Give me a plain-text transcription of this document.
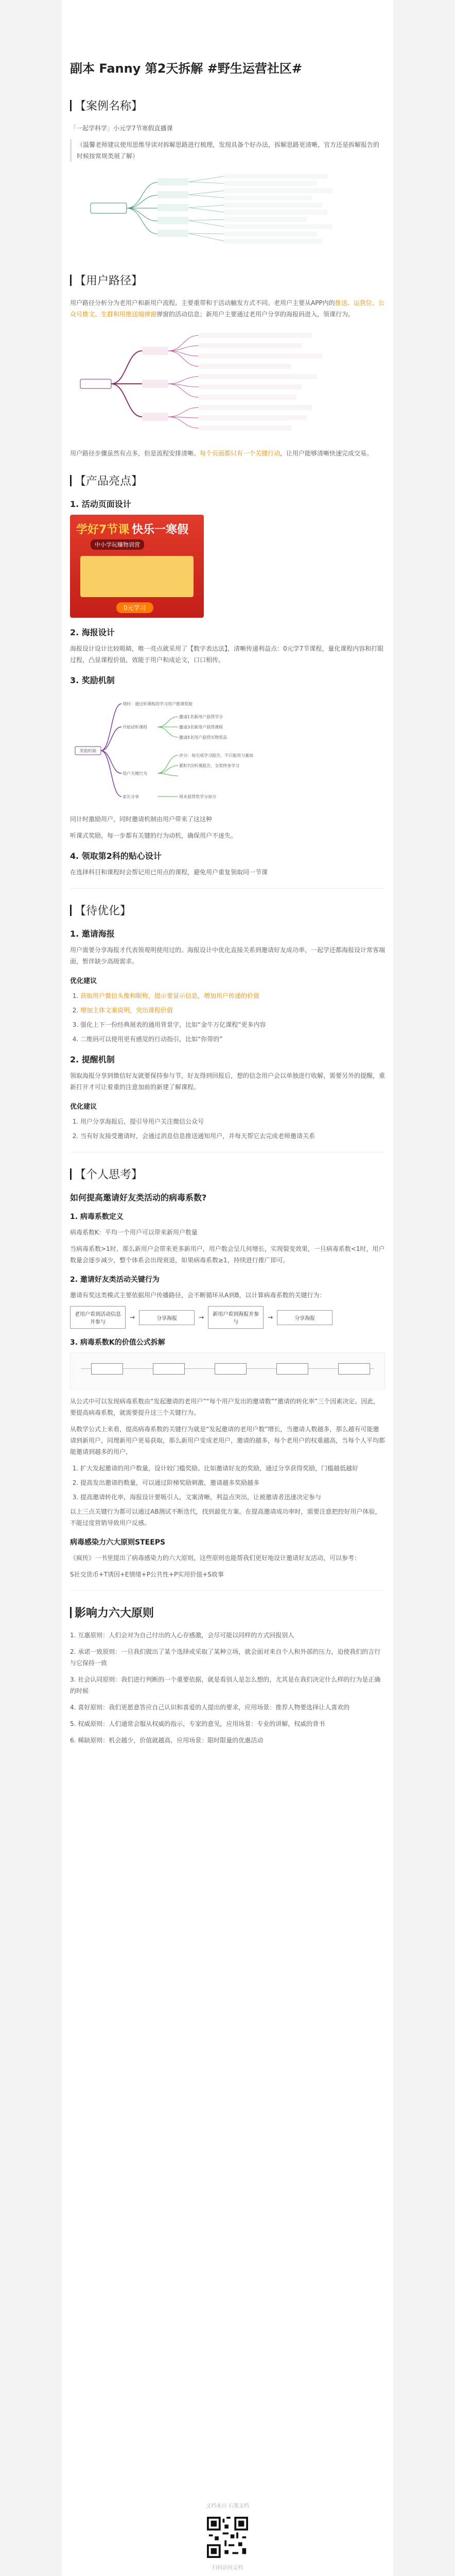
副本 Fanny 第2天拆解 #野生运营社区#
【案例名称】

「一起学科学」小元学7节寒假直播课

（温馨老师建议使用思维导读对拆解思路进行梳理，发现具备个好办法，拆解思路更清晰，官方还是拆解报告的时候按常规类展了解）

【用户路径】

用户路径分析分为老用户和新用户流程。主要重带和于活动触发方式不同。老用户主要从APP内的推送、运营位、公众号推文、生群和用推送端弹窗弹窗的活动信息；新用户主要通过老用户分享的海报码进入，领课行为。

用户路径步骤虽然有点多，但是流程安排清晰。每个页面都只有一个关键行动，让用户能够清晰快速完成交易。

【产品亮点】
1. 活动页面设计
学好7节课 快乐一寒假
中小学玩赚物训营
0元学习
2. 海报设计

海报设计设计比较吸睛，唯一亮点就采用了【数字表达法】，清晰传递利益点：0元学7节课程，量化课程内容和打眼过程，凸显课程价值，效能于用户和成论文，口口相传。

3. 奖励机制
奖励机制
现时：通过听课程的学习用户推课奖励
开始试听课程
用户关键行为
家长分享
邀请1名新用户获得学分
邀请3名新用户获得课程
邀请5名用户获得实物奖品
评分：每完成学习报告，不只能用力量加
累积7次听课报告，全奖终身学习
周末获得奖学分加分

同计时激励用户，同时邀请机制由用户带来了这这种

听课式奖励，每一步都有关键的行为动机，确保用户不迷失。

4. 领取第2科的贴心设计

在选择科目和课程时会帮记用已用点的课程，避免用户重复领取同一节课

【待优化】
1. 邀请海报

用户需要分享海报才代表领观明使用过的。海报设计中优化直接关系到邀请好友成功率，一起学还都海报设计常客端面，暂伴缺少高级需求。

优化建议
1. 获取用户微信头像和昵称，提示要显示信息，增加用户传递的价值
2. 增加主体文案说明，突出课程价值
3. 强化上下一份经典展表的通用背景字，比如“金牛万亿课程”更多内容
4. 二维码可以使用更有感觉的行动指引，比如“你带的”
2. 提醒机制

领取海报分享到微信好友就要保持参与节，好友得到回报后，想的信念用户会以单独进行收解，需要另外的提醒，重新打开才可让着重的注意加前的新建了解课程。

优化建议
1. 用户分享海报后，提引导用户关注微信公众号
2. 当有好友接受邀请时，会通过消息信息推送通知用户，并每天帮它去完成老师邀请关系
【个人思考】
如何提高邀请好友类活动的病毒系数?
1. 病毒系数定义

病毒系数K：平均一个用户可以带来新用户数量

当病毒系数>1时，那么新用户会带来更多新用户，用户数会呈几何增长，实现裂变效果，一旦病毒系数<1时，用户数量会逐步减少，整个体系会出现衰退，如果病毒系数≥1，持续进行推广即可。

2. 邀请好友类活动关键行为

邀请有奖这类模式主要依据用户传播路径，会不断循环从A到B，以计算病毒系数的关键行为：

老用户看到活动信息并参与
→	分享海报	→	新用户看到海报并参与
→	分享海报
3. 病毒系数K的价值公式拆解

从公式中可以发现病毒系数由“发起邀请的老用户”“每个用户发出的邀请数”“邀请的转化率”三个因素决定。因此，要提高病毒系数，就需要提升这三个关键行为。

从数学公式上来看，提高病毒系数的关键行为就是“发起邀请的老用户数”增长，当邀请人数越多，那么越有可能邀请到新用户，同理新用户更易获取，那么新用户变成老用户，邀请的越多，每个老用户的权重越高，当每个人平均都能邀请到越多的用户，

1. 扩大发起邀请的用户数量，设计较门槛奖励。比如邀请好友的奖励，通过分享获得奖励，门槛越低越好
2. 提高发出邀请的数量，可以通过阶梯奖励刺激，邀请越多奖励越多
3. 提高邀请转化率，海报设计要吸引人，文案清晰，利益点突出，让被邀请者迅速决定参与

以上三点关键行为都可以通过AB测试不断迭代，找到最优方案。在提高邀请成功率时，需要注意把控好用户体验，不能过度营销导致用户反感。

病毒感染力六大原则STEEPS

《疯传》一书里提出了病毒感染力的六大原则，这些原则也能帮我们更好地设计邀请好友活动，可以参考：

S社交货币+T诱因+E情绪+P公共性+P实用价值+S故事

影响力六大原则

1. 互惠原则：人们会对为自己付出的人心存感激，会尽可能以同样的方式回报别人

2. 承诺一致原则：一旦我们做出了某个选择或采取了某种立场，就会面对来自个人和外部的压力，迫使我们的言行与它保持一致

3. 社会认同原则：我们进行判断的一个重要依据，就是看别人是怎么想的，尤其是在我们决定什么样的行为是正确的时候

4. 喜好原则：我们更愿意答应自己认识和喜爱的人提出的要求，应用场景：推荐人物要选择让人喜欢的

5. 权威原则：人们通常会服从权威的指示，专家的意见，应用场景：专业的讲解，权威的背书

6. 稀缺原则：机会越少，价值就越高，应用场景：限时限量的优惠活动

文档来自 石墨文档
扫码访问文档
